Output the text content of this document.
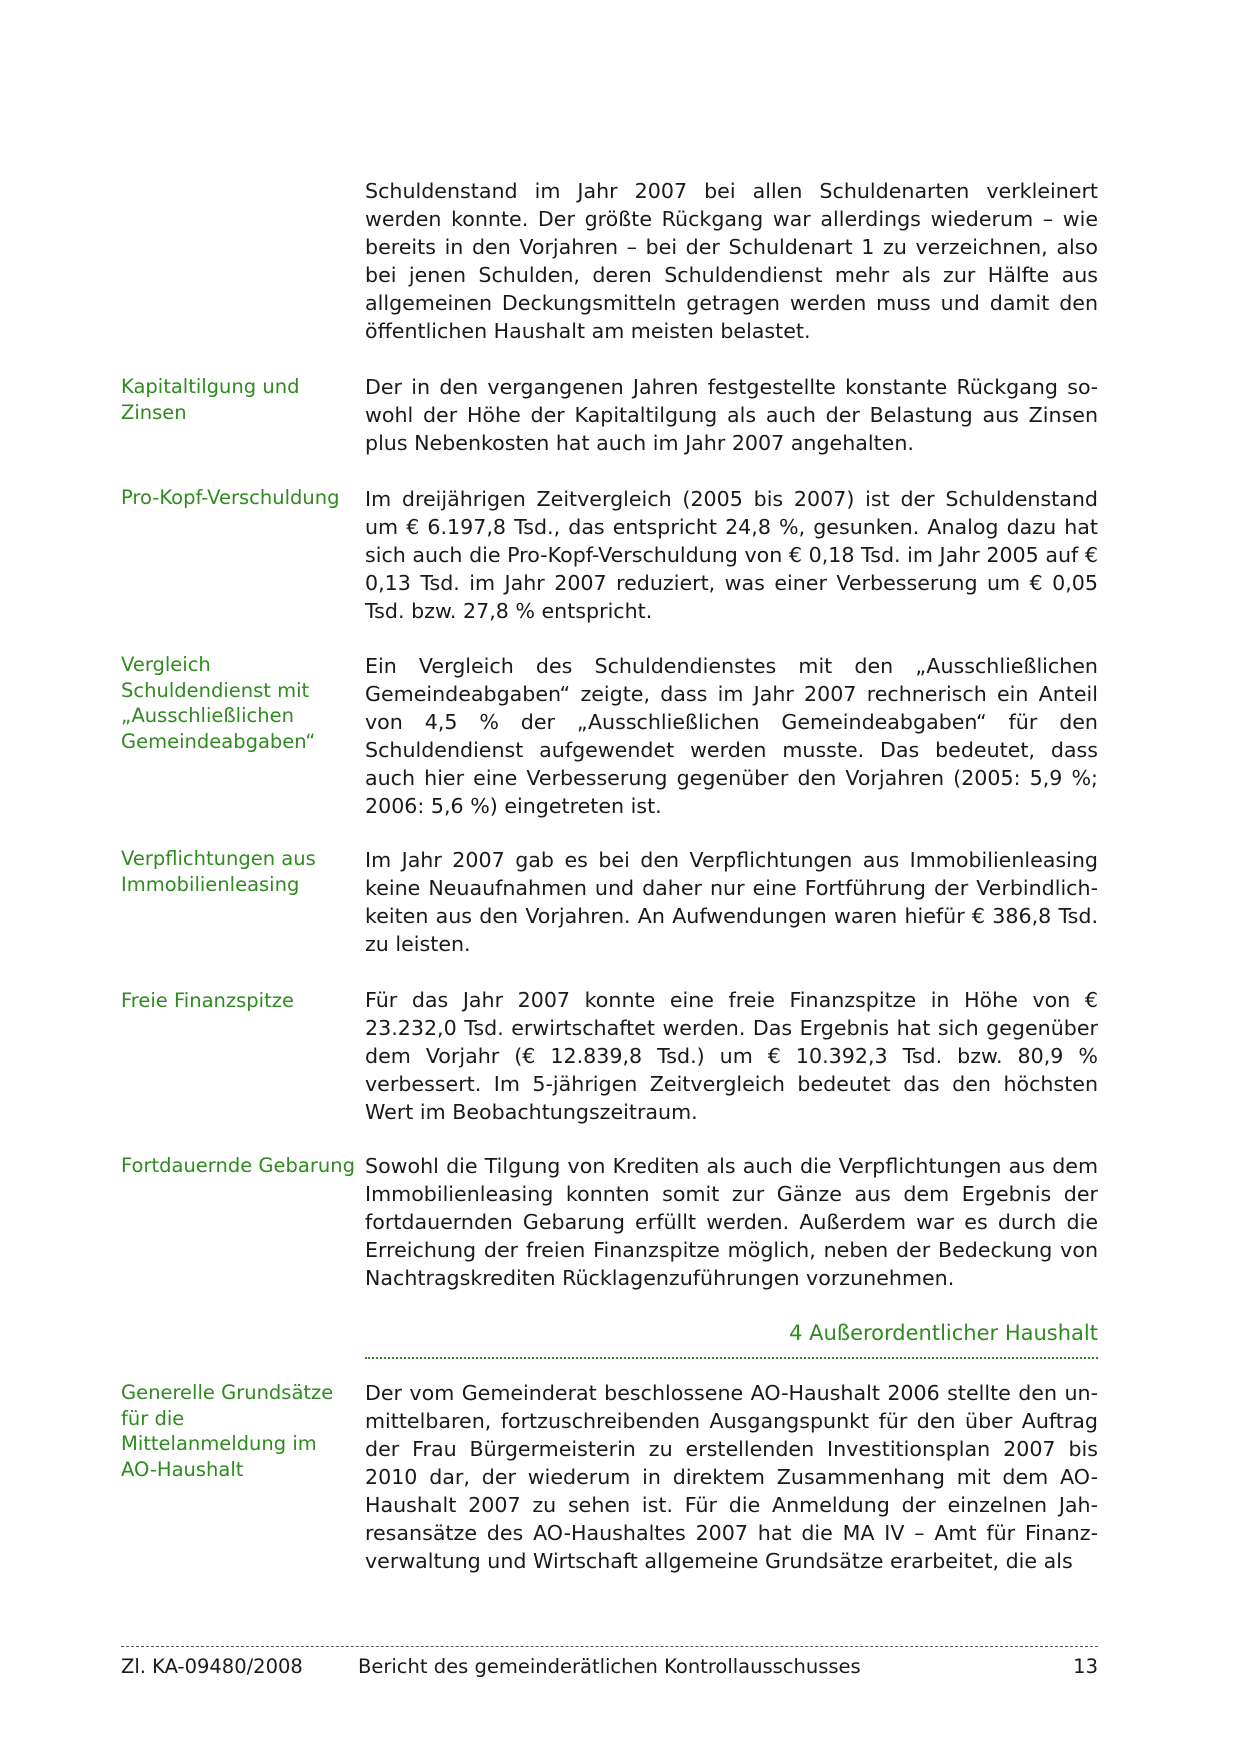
Schuldenstand im Jahr 2007 bei allen Schuldenarten verkleinert werden konnte. Der größte Rückgang war allerdings wiederum – wie bereits in den Vorjahren – bei der Schuldenart 1 zu verzeichnen, also bei jenen Schulden, deren Schuldendienst mehr als zur Hälfte aus allgemeinen Deckungsmitteln getragen werden muss und damit den öffentlichen Haushalt am meisten belastet.
Kapitaltilgung und Zinsen
Der in den vergangenen Jahren festgestellte konstante Rückgang sowohl der Höhe der Kapitaltilgung als auch der Belastung aus Zinsen plus Nebenkosten hat auch im Jahr 2007 angehalten.
Pro-Kopf-Verschuldung	Im dreijährigen Zeitvergleich (2005 bis 2007) ist der Schuldenstand um € 6.197,8 Tsd., das entspricht 24,8 %, gesunken. Analog dazu hat sich auch die Pro-Kopf-Verschuldung von € 0,18 Tsd. im Jahr 2005 auf € 0,13 Tsd. im Jahr 2007 reduziert, was einer Verbesserung um € 0,05 Tsd. bzw. 27,8 % entspricht.
Vergleich Schuldendienst mit „Ausschließlichen Gemeindeabgaben“
Ein Vergleich des Schuldendienstes mit den „Ausschließlichen Gemeindeabgaben“ zeigte, dass im Jahr 2007 rechnerisch ein Anteil von 4,5 % der „Ausschließlichen Gemeindeabgaben“ für den Schuldendienst aufgewendet werden musste. Das bedeutet, dass auch hier eine Verbesserung gegenüber den Vorjahren (2005: 5,9 %; 2006: 5,6 %) eingetreten ist.
Verpflichtungen aus Immobilienleasing
Im Jahr 2007 gab es bei den Verpflichtungen aus Immobilienleasing keine Neuaufnahmen und daher nur eine Fortführung der Verbindlichkeiten aus den Vorjahren. An Aufwendungen waren hiefür € 386,8 Tsd. zu leisten.
Freie Finanzspitze	Für das Jahr 2007 konnte eine freie Finanzspitze in Höhe von € 23.232,0 Tsd. erwirtschaftet werden. Das Ergebnis hat sich gegenüber dem Vorjahr (€ 12.839,8 Tsd.) um € 10.392,3 Tsd. bzw. 80,9 % verbessert. Im 5-jährigen Zeitvergleich bedeutet das den höchsten Wert im Beobachtungszeitraum.
Fortdauernde Gebarung Sowohl die Tilgung von Krediten als auch die Verpflichtungen aus dem Immobilienleasing konnten somit zur Gänze aus dem Ergebnis der fortdauernden Gebarung erfüllt werden. Außerdem war es durch die Erreichung der freien Finanzspitze möglich, neben der Bedeckung von Nachtragskrediten Rücklagenzuführungen vorzunehmen.
4 Außerordentlicher Haushalt
Generelle Grundsätze für die Mittelanmeldung im AO-Haushalt
Der vom Gemeinderat beschlossene AO-Haushalt 2006 stellte den unmittelbaren, fortzuschreibenden Ausgangspunkt für den über Auftrag der Frau Bürgermeisterin zu erstellenden Investitionsplan 2007 bis 2010 dar, der wiederum in direktem Zusammenhang mit dem AO-Haushalt 2007 zu sehen ist. Für die Anmeldung der einzelnen Jahresansätze des AO-Haushaltes 2007 hat die MA IV – Amt für Finanzverwaltung und Wirtschaft allgemeine Grundsätze erarbeitet, die als
Zl. KA-09480/2008	Bericht des gemeinderätlichen Kontrollausschusses	13
